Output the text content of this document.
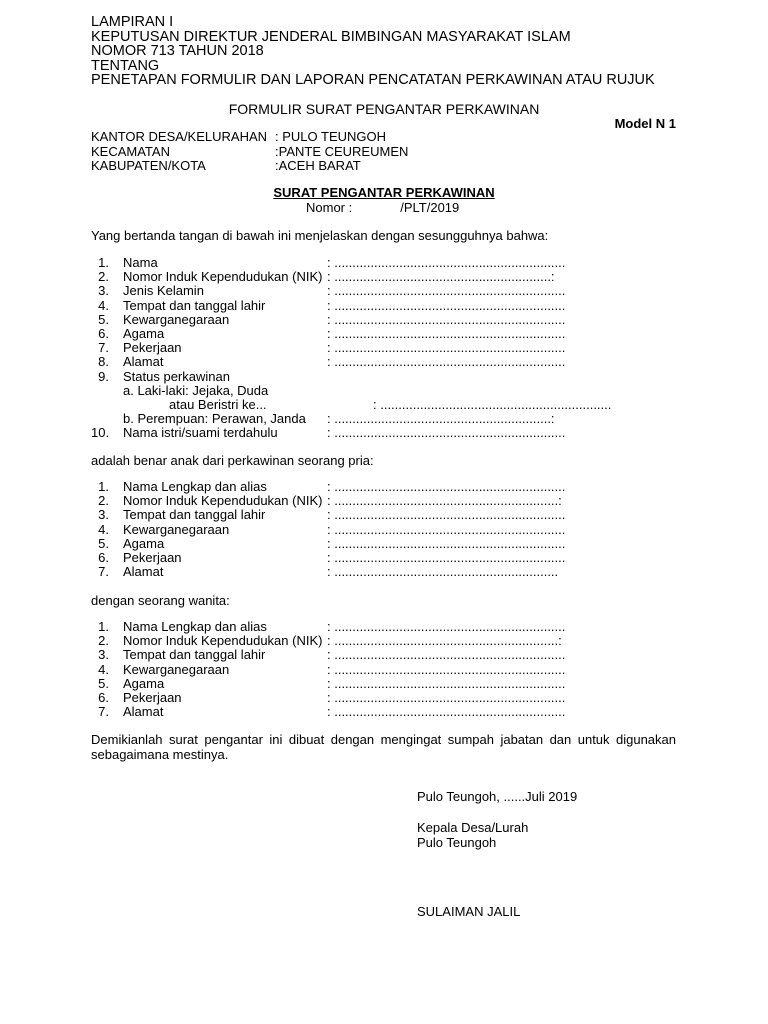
LAMPIRAN I
KEPUTUSAN DIREKTUR JENDERAL BIMBINGAN MASYARAKAT ISLAM
NOMOR 713 TAHUN 2018
TENTANG
PENETAPAN FORMULIR DAN LAPORAN PENCATATAN PERKAWINAN ATAU RUJUK
FORMULIR SURAT PENGANTAR PERKAWINAN
Model N 1
KANTOR DESA/KELURAHAN : PULO TEUNGOH
KECAMATAN	:PANTE CEUREUMEN
KABUPATEN/KOTA	:ACEH BARAT
SURAT PENGANTAR PERKAWINAN
Nomor :	/PLT/2019
Yang bertanda tangan di bawah ini menjelaskan dengan sesungguhnya bahwa:
1.	Nama	: ................................................................
2.	Nomor Induk Kependudukan (NIK) : ............................................................:
3.	Jenis Kelamin	: ................................................................
4.	Tempat dan tanggal lahir	: ................................................................
5.	Kewarganegaraan	: ................................................................
6.	Agama	: ................................................................
7.	Pekerjaan	: ................................................................
8.	Alamat	: ................................................................
9.	Status perkawinan
a. Laki-laki: Jejaka, Duda
atau Beristri ke...	: ................................................................
b. Perempuan: Perawan, Janda	: ............................................................:
10.	Nama istri/suami terdahulu	: ................................................................
adalah benar anak dari perkawinan seorang pria:
1.	Nama Lengkap dan alias	: ................................................................
2.	Nomor Induk Kependudukan (NIK) : ..............................................................:
3.	Tempat dan tanggal lahir	: ................................................................
4.	Kewarganegaraan	: ................................................................
5.	Agama	: ................................................................
6.	Pekerjaan	: ................................................................
7.	Alamat	: ..............................................................
dengan seorang wanita:
1.	Nama Lengkap dan alias	: ................................................................
2.	Nomor Induk Kependudukan (NIK) : ..............................................................:
3.	Tempat dan tanggal lahir	: ................................................................
4.	Kewarganegaraan	: ................................................................
5.	Agama	: ................................................................
6.	Pekerjaan	: ................................................................
7.	Alamat	: ................................................................
Demikianlah surat pengantar ini dibuat dengan mengingat sumpah jabatan dan untuk digunakan sebagaimana mestinya.
Pulo Teungoh, ......Juli 2019
Kepala Desa/Lurah
Pulo Teungoh
SULAIMAN JALIL
